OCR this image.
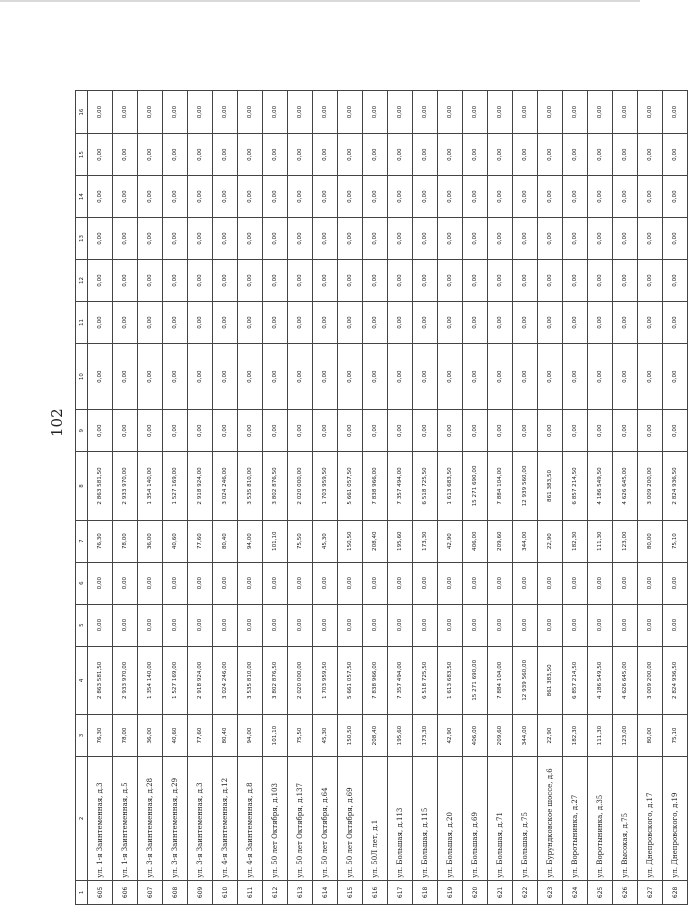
102
1	2	3	4	5	6	7	8	9	10	11	12	13	14	15	16
605	ул. 1-я Заинтеменная, д.3	76,30	2 863 581,50	0,00	0,00	76,30	2 863 581,50	0,00	0,00	0,00	0,00	0,00	0,00	0,00	0,00
606	ул. 1-я Заинтеменная, д.5	78,00	2 933 970,00	0,00	0,00	78,00	2 933 970,00	0,00	0,00	0,00	0,00	0,00	0,00	0,00	0,00
607	ул. 3-я Заинтеменная, д.28	36,00	1 354 140,00	0,00	0,00	36,00	1 354 140,00	0,00	0,00	0,00	0,00	0,00	0,00	0,00	0,00
608	ул. 3-я Заинтеменная, д.29	40,60	1 527 169,00	0,00	0,00	40,60	1 527 169,00	0,00	0,00	0,00	0,00	0,00	0,00	0,00	0,00
609	ул. 3-я Заинтеменная, д.3	77,60	2 918 924,00	0,00	0,00	77,60	2 918 924,00	0,00	0,00	0,00	0,00	0,00	0,00	0,00	0,00
610	ул. 4-я Заинтеменная, д.12	80,40	3 024 246,00	0,00	0,00	80,40	3 024 246,00	0,00	0,00	0,00	0,00	0,00	0,00	0,00	0,00
611	ул. 4-я Заинтеменная, д.8	94,00	3 535 810,00	0,00	0,00	94,00	3 535 810,00	0,00	0,00	0,00	0,00	0,00	0,00	0,00	0,00
612	ул. 50 лет Октября, д.103	101,10	3 802 876,50	0,00	0,00	101,10	3 802 876,50	0,00	0,00	0,00	0,00	0,00	0,00	0,00	0,00
613	ул. 50 лет Октября, д.137	75,50	2 020 000,00	0,00	0,00	75,50	2 020 000,00	0,00	0,00	0,00	0,00	0,00	0,00	0,00	0,00
614	ул. 50 лет Октября, д.64	45,30	1 703 959,50	0,00	0,00	45,30	1 703 959,50	0,00	0,00	0,00	0,00	0,00	0,00	0,00	0,00
615	ул. 50 лет Октября, д.69	150,50	5 661 057,50	0,00	0,00	150,50	5 661 057,50	0,00	0,00	0,00	0,00	0,00	0,00	0,00	0,00
616	ул. 50Л лет, д.1	208,40	7 838 966,00	0,00	0,00	208,40	7 838 966,00	0,00	0,00	0,00	0,00	0,00	0,00	0,00	0,00
617	ул. Большая, д.113	195,60	7 357 494,00	0,00	0,00	195,60	7 357 494,00	0,00	0,00	0,00	0,00	0,00	0,00	0,00	0,00
618	ул. Большая, д.115	173,30	6 518 725,50	0,00	0,00	173,30	6 518 725,50	0,00	0,00	0,00	0,00	0,00	0,00	0,00	0,00
619	ул. Большая, д.20	42,90	1 613 683,50	0,00	0,00	42,90	1 613 683,50	0,00	0,00	0,00	0,00	0,00	0,00	0,00	0,00
620	ул. Большая, д.69	406,00	15 271 690,00	0,00	0,00	406,00	15 271 690,00	0,00	0,00	0,00	0,00	0,00	0,00	0,00	0,00
621	ул. Большая, д.71	209,60	7 884 104,00	0,00	0,00	209,60	7 884 104,00	0,00	0,00	0,00	0,00	0,00	0,00	0,00	0,00
622	ул. Большая, д.75	344,00	12 939 560,00	0,00	0,00	344,00	12 939 560,00	0,00	0,00	0,00	0,00	0,00	0,00	0,00	0,00
623	ул. Бурундковское шоссе, д.6	22,90	861 383,50	0,00	0,00	22,90	861 383,50	0,00	0,00	0,00	0,00	0,00	0,00	0,00	0,00
624	ул. Воротынинка, д.27	182,30	6 857 214,50	0,00	0,00	182,30	6 857 214,50	0,00	0,00	0,00	0,00	0,00	0,00	0,00	0,00
625	ул. Воротынинка, д.35	111,30	4 186 549,50	0,00	0,00	111,30	4 186 549,50	0,00	0,00	0,00	0,00	0,00	0,00	0,00	0,00
626	ул. Высокая, д.75	123,00	4 626 645,00	0,00	0,00	123,00	4 626 645,00	0,00	0,00	0,00	0,00	0,00	0,00	0,00	0,00
627	ул. Днепровского, д.17	80,00	3 009 200,00	0,00	0,00	80,00	3 009 200,00	0,00	0,00	0,00	0,00	0,00	0,00	0,00	0,00
628	ул. Днепровского, д.19	75,10	2 824 936,50	0,00	0,00	75,10	2 824 936,50	0,00	0,00	0,00	0,00	0,00	0,00	0,00	0,00
